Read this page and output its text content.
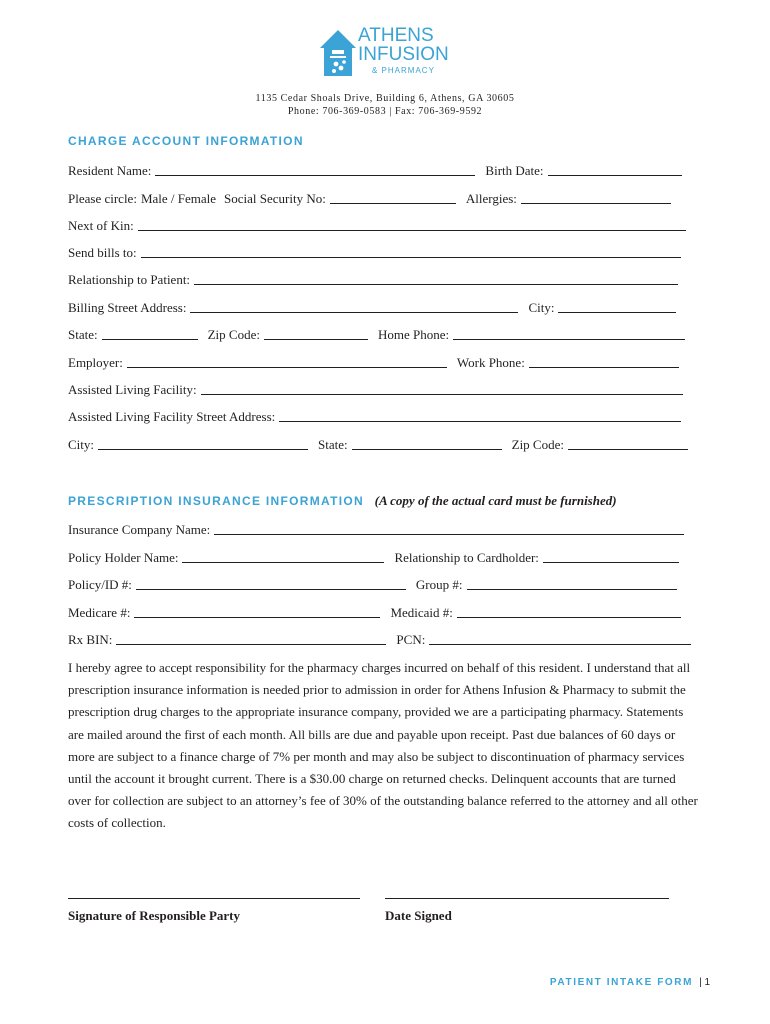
ATHENS
INFUSION
& PHARMACY
1135 Cedar Shoals Drive, Building 6, Athens, GA 30605
Phone: 706-369-0583 | Fax: 706-369-9592
CHARGE ACCOUNT INFORMATION
Resident Name:	Birth Date:
Please circle: Male / Female Social Security No:	Allergies:
Next of Kin:
Send bills to:
Relationship to Patient:
Billing Street Address:	City:
State:	Zip Code:	Home Phone:
Employer:	Work Phone:
Assisted Living Facility:
Assisted Living Facility Street Address:
City:	State:	Zip Code:
PRESCRIPTION INSURANCE INFORMATION (A copy of the actual card must be furnished)
Insurance Company Name:
Policy Holder Name:	Relationship to Cardholder:
Policy/ID #:	Group #:
Medicare #:	Medicaid #:
Rx BIN:	PCN:
I hereby agree to accept responsibility for the pharmacy charges incurred on behalf of this resident. I understand that all prescription insurance information is needed prior to admission in order for Athens Infusion & Pharmacy to submit the prescription drug charges to the appropriate insurance company, provided we are a participating pharmacy. Statements are mailed around the first of each month. All bills are due and payable upon receipt. Past due balances of 60 days or more are subject to a finance charge of 7% per month and may also be subject to discontinuation of pharmacy services until the account it brought current. There is a $30.00 charge on returned checks. Delinquent accounts that are turned over for collection are subject to an attorney’s fee of 30% of the outstanding balance referred to the attorney and all other costs of collection.
Signature of Responsible Party	Date Signed
PATIENT INTAKE FORM | 1
